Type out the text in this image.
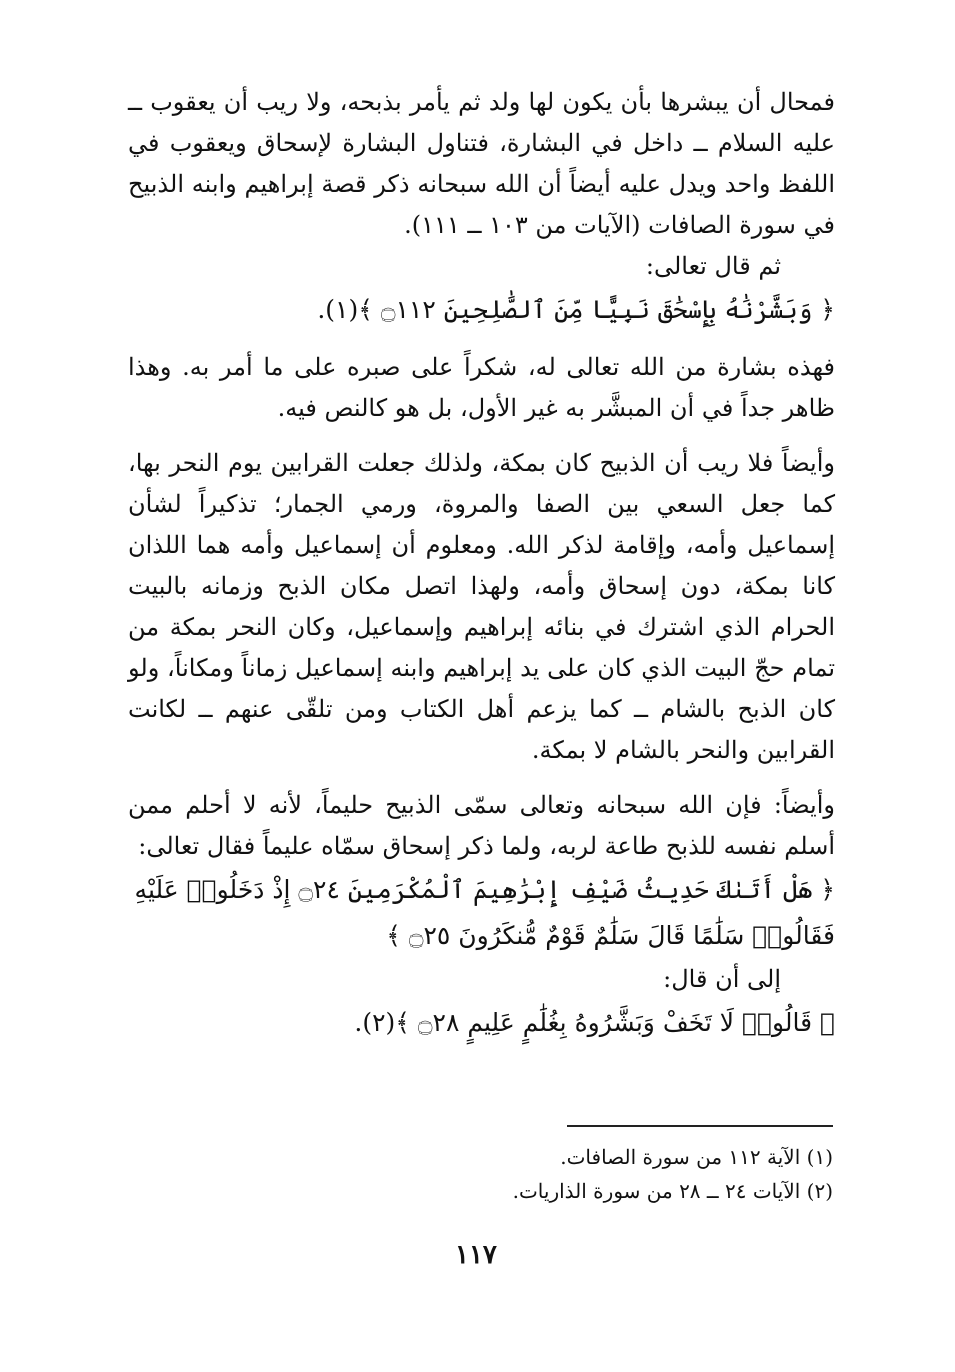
فمحال أن يبشرها بأن يكون لها ولد ثم يأمر بذبحه، ولا ريب أن يعقوب ــ عليه السلام ــ داخل في البشارة، فتناول البشارة لإسحاق ويعقوب في اللفظ واحد ويدل عليه أيضاً أن الله سبحانه ذكر قصة إبراهيم وابنه الذبيح في سورة الصافات (الآيات من ١٠٣ ــ ١١١).

ثم قال تعالى:

﴿ وَبَشَّرْنَٰهُ بِإِسْحَٰقَ نَبِيًّا مِّنَ ٱلصَّٰلِحِينَ ۝١١٢ ﴾(١).

فهذه بشارة من الله تعالى له، شكراً على صبره على ما أمر به. وهذا ظاهر جداً في أن المبشَّر به غير الأول، بل هو كالنص فيه.

وأيضاً فلا ريب أن الذبيح كان بمكة، ولذلك جعلت القرابين يوم النحر بها، كما جعل السعي بين الصفا والمروة، ورمي الجمار؛ تذكيراً لشأن إسماعيل وأمه، وإقامة لذكر الله. ومعلوم أن إسماعيل وأمه هما اللذان كانا بمكة، دون إسحاق وأمه، ولهذا اتصل مكان الذبح وزمانه بالبيت الحرام الذي اشترك في بنائه إبراهيم وإسماعيل، وكان النحر بمكة من تمام حجّ البيت الذي كان على يد إبراهيم وابنه إسماعيل زماناً ومكاناً، ولو كان الذبح بالشام ــ كما يزعم أهل الكتاب ومن تلقّى عنهم ــ لكانت القرابين والنحر بالشام لا بمكة.

وأيضاً: فإن الله سبحانه وتعالى سمّى الذبيح حليماً، لأنه لا أحلم ممن أسلم نفسه للذبح طاعة لربه، ولما ذكر إسحاق سمّاه عليماً فقال تعالى:

﴿ هَلْ أَتَىٰكَ حَدِيثُ ضَيْفِ إِبْرَٰهِيمَ ٱلْمُكْرَمِينَ ۝٢٤ إِذْ دَخَلُوا۟ عَلَيْهِ فَقَالُوا۟ سَلَٰمًا قَالَ سَلَٰمٌ قَوْمٌ مُّنكَرُونَ ۝٢٥ ﴾

إلى أن قال:

﴿ قَالُوا۟ لَا تَخَفْ وَبَشَّرُوهُ بِغُلَٰمٍ عَلِيمٍ ۝٢٨ ﴾(٢).

(١) الآية ١١٢ من سورة الصافات.
(٢) الآيات ٢٤ ــ ٢٨ من سورة الذاريات.
١١٧
